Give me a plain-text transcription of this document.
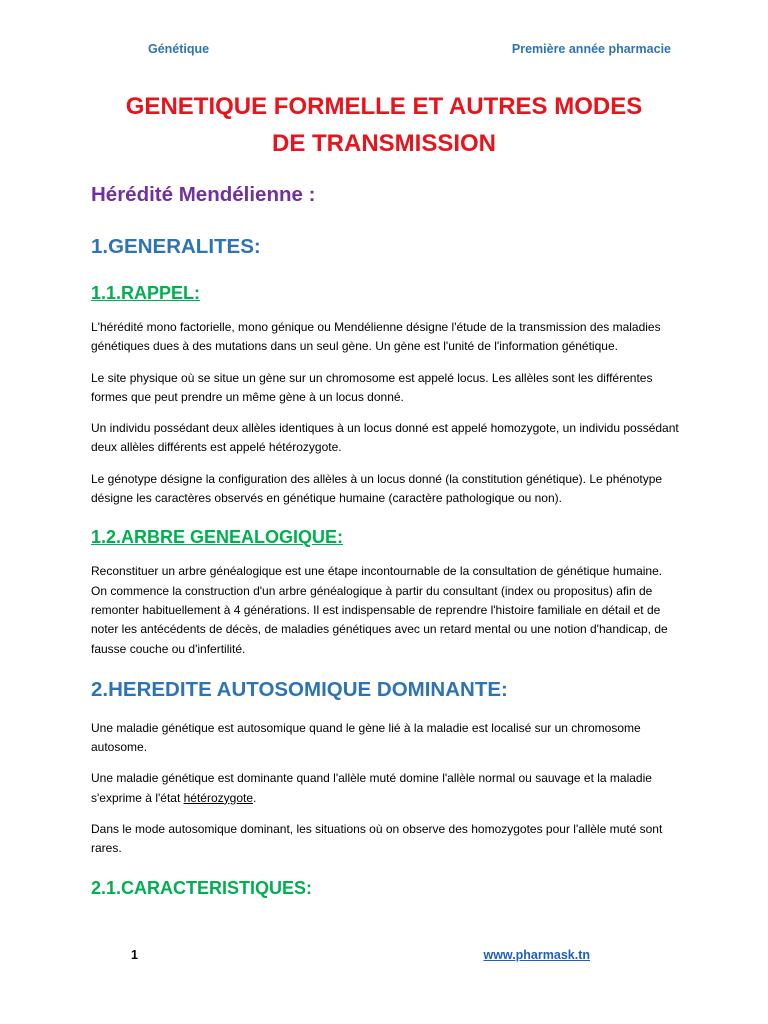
Génétique	Première année pharmacie
GENETIQUE FORMELLE ET AUTRES MODES
DE TRANSMISSION
Hérédité Mendélienne :
1.GENERALITES:
1.1.RAPPEL:

L'hérédité mono factorielle, mono génique ou Mendélienne désigne l'étude de la transmission des maladies génétiques dues à des mutations dans un seul gène. Un gène est l'unité de l'information génétique.

Le site physique où se situe un gène sur un chromosome est appelé locus. Les allèles sont les différentes formes que peut prendre un même gène à un locus donné.

Un individu possédant deux allèles identiques à un locus donné est appelé homozygote, un individu possédant deux allèles différents est appelé hétérozygote.

Le génotype désigne la configuration des allèles à un locus donné (la constitution génétique). Le phénotype désigne les caractères observés en génétique humaine (caractère pathologique ou non).

1.2.ARBRE GENEALOGIQUE:

Reconstituer un arbre généalogique est une étape incontournable de la consultation de génétique humaine. On commence la construction d'un arbre généalogique à partir du consultant (index ou propositus) afin de remonter habituellement à 4 générations. Il est indispensable de reprendre l'histoire familiale en détail et de noter les antécédents de décès, de maladies génétiques avec un retard mental ou une notion d'handicap, de fausse couche ou d'infertilité.

2.HEREDITE AUTOSOMIQUE DOMINANTE:

Une maladie génétique est autosomique quand le gène lié à la maladie est localisé sur un chromosome autosome.

Une maladie génétique est dominante quand l'allèle muté domine l'allèle normal ou sauvage et la maladie s'exprime à l'état hétérozygote.

Dans le mode autosomique dominant, les situations où on observe des homozygotes pour l'allèle muté sont rares.

2.1.CARACTERISTIQUES:
1	www.pharmask.tn
